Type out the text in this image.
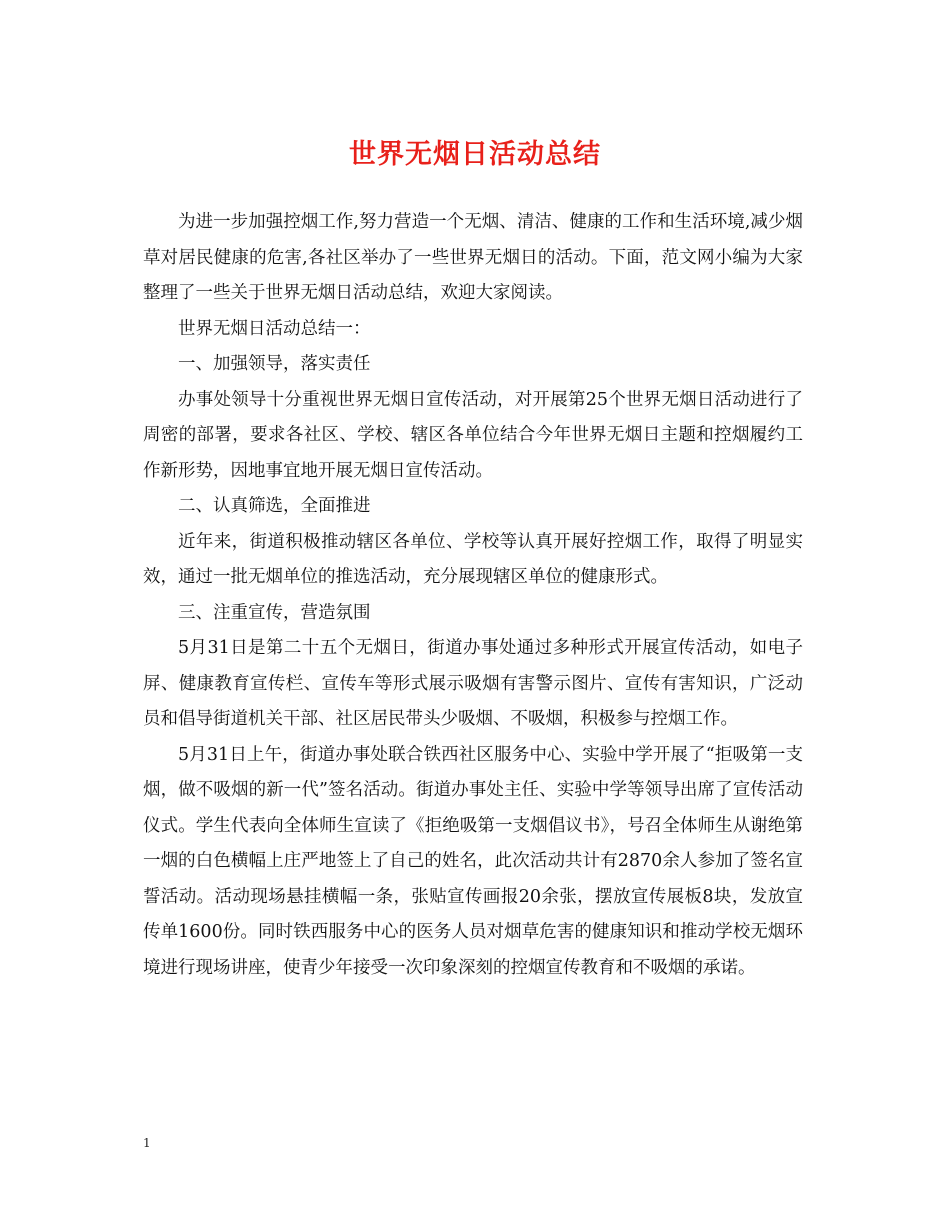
世界无烟日活动总结

为进一步加强控烟工作,努力营造一个无烟、清洁、健康的工作和生活环境,减少烟草对居民健康的危害,各社区举办了一些世界无烟日的活动。下面，范文网小编为大家整理了一些关于世界无烟日活动总结，欢迎大家阅读。

世界无烟日活动总结一：

一、加强领导，落实责任

办事处领导十分重视世界无烟日宣传活动，对开展第25个世界无烟日活动进行了周密的部署，要求各社区、学校、辖区各单位结合今年世界无烟日主题和控烟履约工作新形势，因地事宜地开展无烟日宣传活动。

二、认真筛选，全面推进

近年来，街道积极推动辖区各单位、学校等认真开展好控烟工作，取得了明显实效，通过一批无烟单位的推选活动，充分展现辖区单位的健康形式。

三、注重宣传，营造氛围

5月31日是第二十五个无烟日，街道办事处通过多种形式开展宣传活动，如电子屏、健康教育宣传栏、宣传车等形式展示吸烟有害警示图片、宣传有害知识，广泛动员和倡导街道机关干部、社区居民带头少吸烟、不吸烟，积极参与控烟工作。

5月31日上午，街道办事处联合铁西社区服务中心、实验中学开展了“拒吸第一支烟，做不吸烟的新一代”签名活动。街道办事处主任、实验中学等领导出席了宣传活动仪式。学生代表向全体师生宣读了《拒绝吸第一支烟倡议书》，号召全体师生从谢绝第一烟的白色横幅上庄严地签上了自己的姓名，此次活动共计有2870余人参加了签名宣誓活动。活动现场悬挂横幅一条，张贴宣传画报20余张，摆放宣传展板8块，发放宣传单1600份。同时铁西服务中心的医务人员对烟草危害的健康知识和推动学校无烟环境进行现场讲座，使青少年接受一次印象深刻的控烟宣传教育和不吸烟的承诺。

1
